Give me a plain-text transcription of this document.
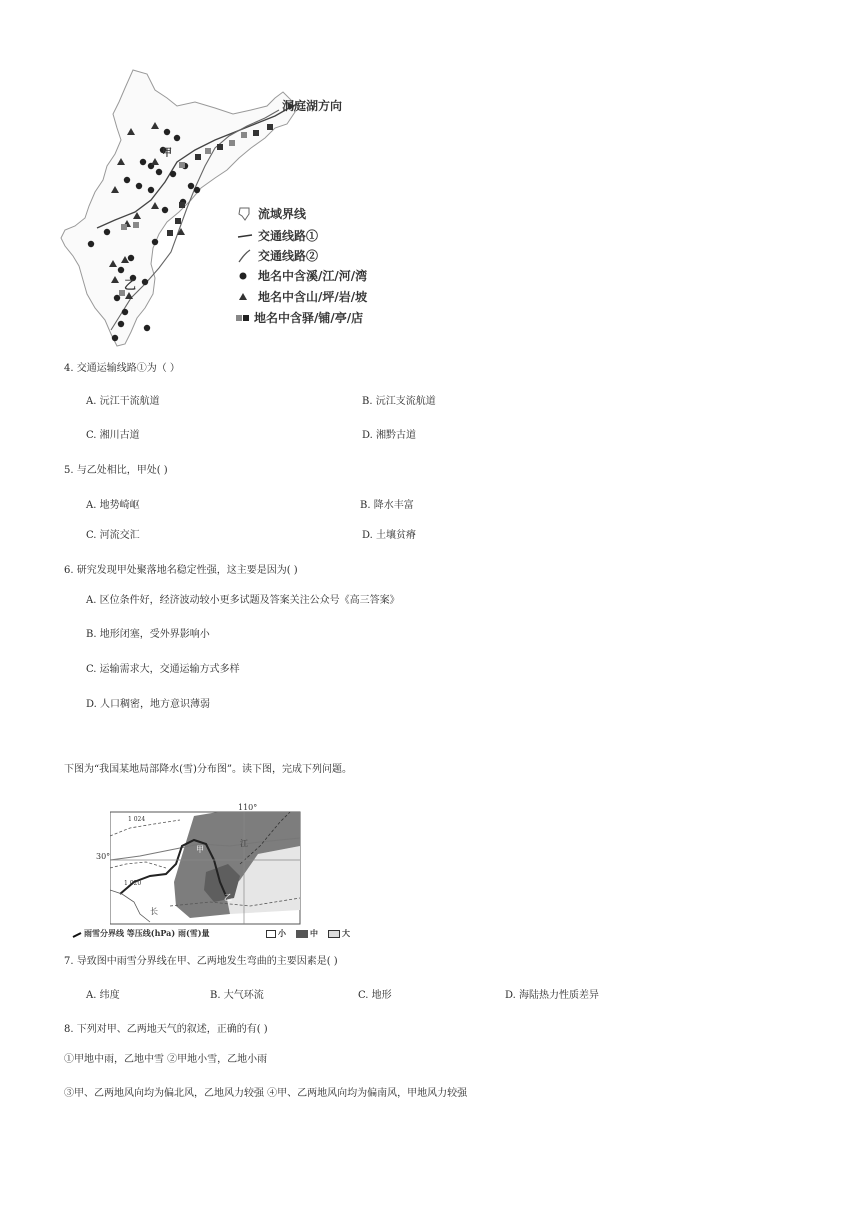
洞庭湖方向
甲
乙
流域界线
交通线路①
交通线路②
地名中含溪/江/河/湾
地名中含山/坪/岩/坡
地名中含驿/铺/亭/店
4. 交通运输线路①为（ ）
A. 沅江干流航道	B. 沅江支流航道
C. 湘川古道	D. 湘黔古道
5. 与乙处相比，甲处( )
A. 地势崎岖	B. 降水丰富
C. 河流交汇	D. 土壤贫瘠
6. 研究发现甲处聚落地名稳定性强，这主要是因为( )
A. 区位条件好，经济波动较小更多试题及答案关注公众号《高三答案》
B. 地形闭塞，受外界影响小
C. 运输需求大，交通运输方式多样
D. 人口稠密，地方意识薄弱
下图为“我国某地局部降水(雪)分布图”。读下图，完成下列问题。
110°
30°
1 024
1 020
甲
乙
江
长
雨雪分界线 等压线(hPa) 雨(雪)量	小	中	大
7. 导致图中雨雪分界线在甲、乙两地发生弯曲的主要因素是( )
A. 纬度	B. 大气环流	C. 地形	D. 海陆热力性质差异
8. 下列对甲、乙两地天气的叙述，正确的有( )
①甲地中雨，乙地中雪 ②甲地小雪，乙地小雨
③甲、乙两地风向均为偏北风，乙地风力较强 ④甲、乙两地风向均为偏南风，甲地风力较强
